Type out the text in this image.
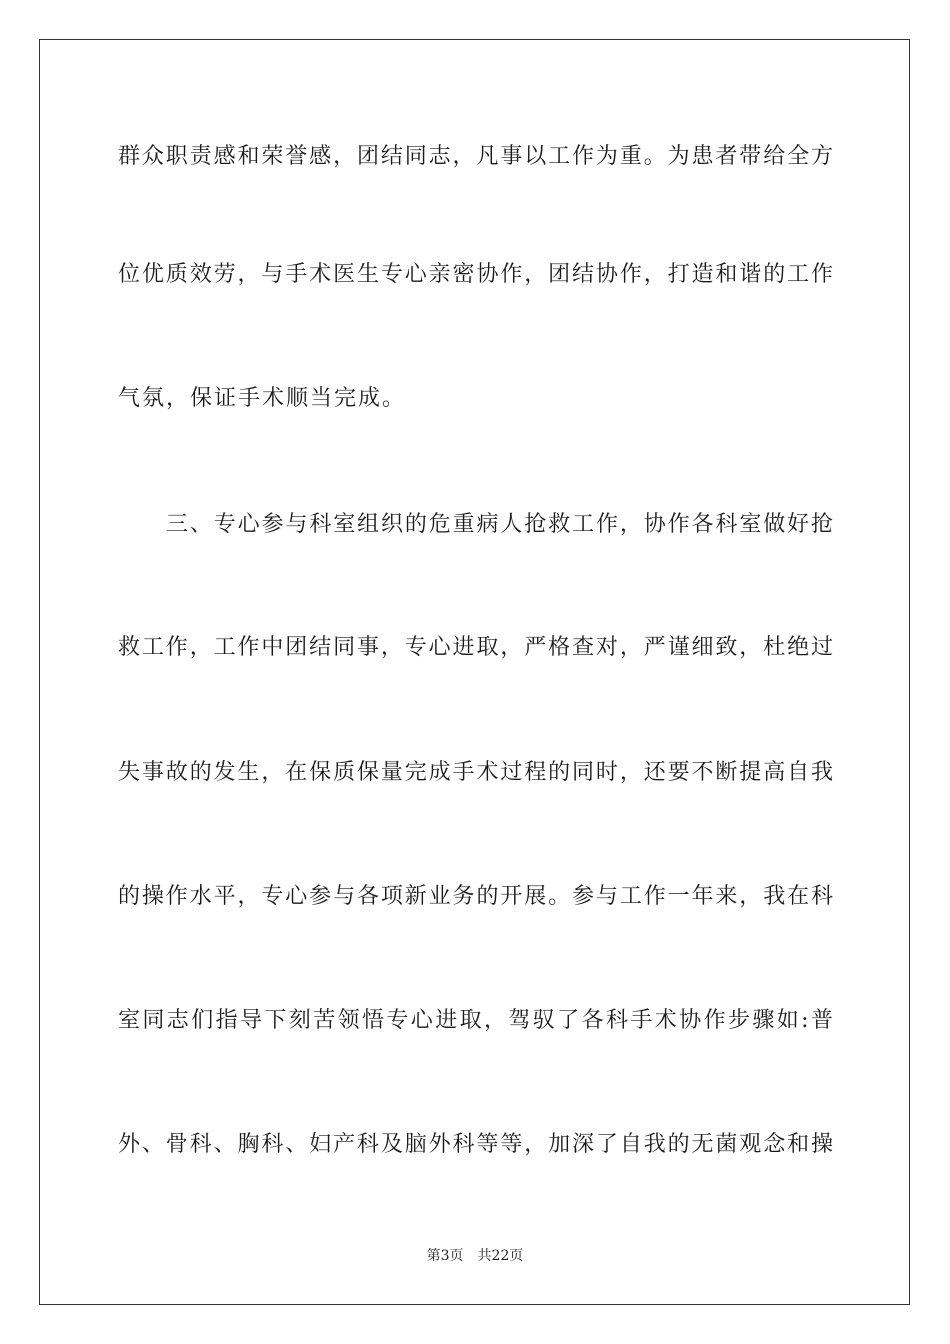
群众职责感和荣誉感，团结同志，凡事以工作为重。为患者带给全方
位优质效劳，与手术医生专心亲密协作，团结协作，打造和谐的工作
气氛，保证手术顺当完成。
三、专心参与科室组织的危重病人抢救工作，协作各科室做好抢
救工作，工作中团结同事，专心进取，严格查对，严谨细致，杜绝过
失事故的发生，在保质保量完成手术过程的同时，还要不断提高自我
的操作水平，专心参与各项新业务的开展。参与工作一年来，我在科
室同志们指导下刻苦领悟专心进取，驾驭了各科手术协作步骤如:普
外、骨科、胸科、妇产科及脑外科等等，加深了自我的无菌观念和操
第3页 共22页
